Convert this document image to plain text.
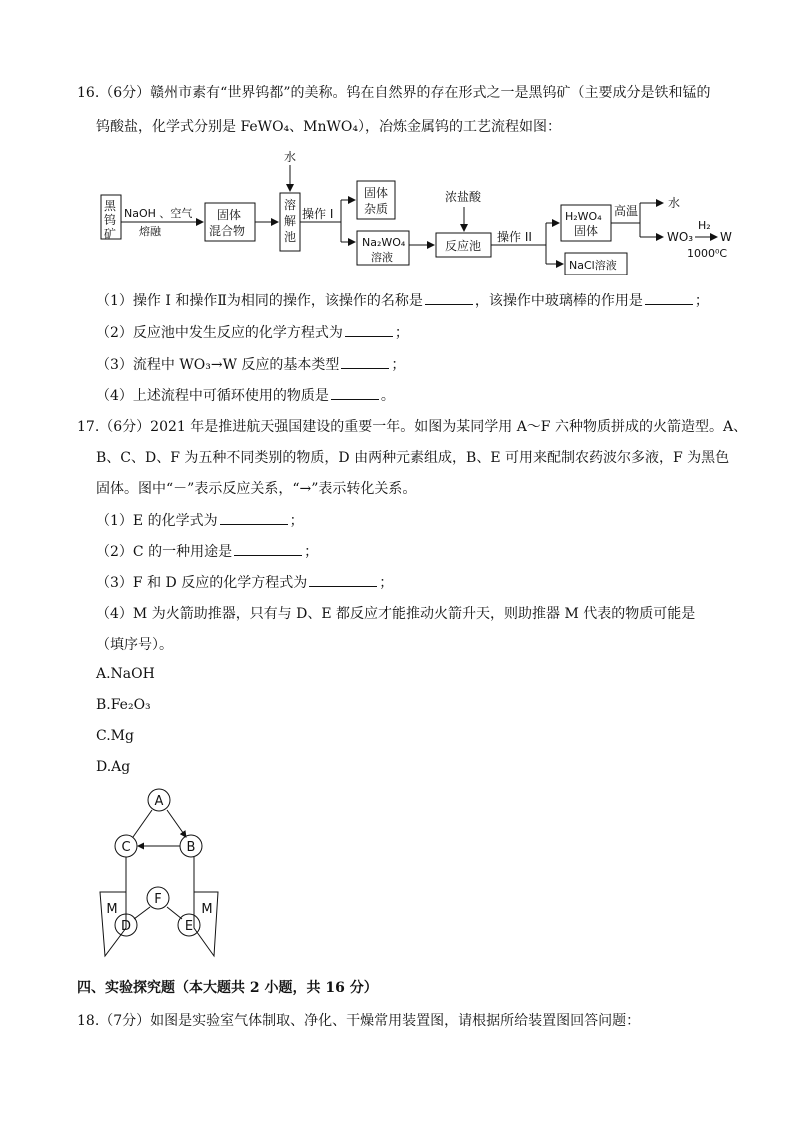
16.（6分）赣州市素有“世界钨都”的美称。钨在自然界的存在形式之一是黑钨矿（主要成分是铁和锰的
钨酸盐，化学式分别是 FeWO₄、MnWO₄），冶炼金属钨的工艺流程如图：
水
黑
钨
矿
NaOH 、空气
熔融
固体
混合物
溶
解
池
操作 I
固体
杂质
Na₂WO₄
溶液
浓盐酸
反应池
操作 II
H₂WO₄
固体
高温
水
WO₃
H₂
W
1000⁰C
NaCl溶液
（1）操作 I 和操作Ⅱ为相同的操作，该操作的名称是	，该操作中玻璃棒的作用是	；
（2）反应池中发生反应的化学方程式为	；
（3）流程中 WO₃→W 反应的基本类型	；
（4）上述流程中可循环使用的物质是	。
17.（6分）2021 年是推进航天强国建设的重要一年。如图为某同学用 A～F 六种物质拼成的火箭造型。A、
B、C、D、F 为五种不同类别的物质，D 由两种元素组成，B、E 可用来配制农药波尔多液，F 为黑色
固体。图中“－”表示反应关系，“→”表示转化关系。
（1）E 的化学式为	；
（2）C 的一种用途是	；
（3）F 和 D 反应的化学方程式为	；
（4）M 为火箭助推器，只有与 D、E 都反应才能推动火箭升天，则助推器 M 代表的物质可能是
（填序号）。
A.NaOH
B.Fe₂O₃
C.Mg
D.Ag
A
C	B
F
D	E
M	M
四、实验探究题（本大题共 2 小题，共 16 分）
18.（7分）如图是实验室气体制取、净化、干燥常用装置图，请根据所给装置图回答问题：
